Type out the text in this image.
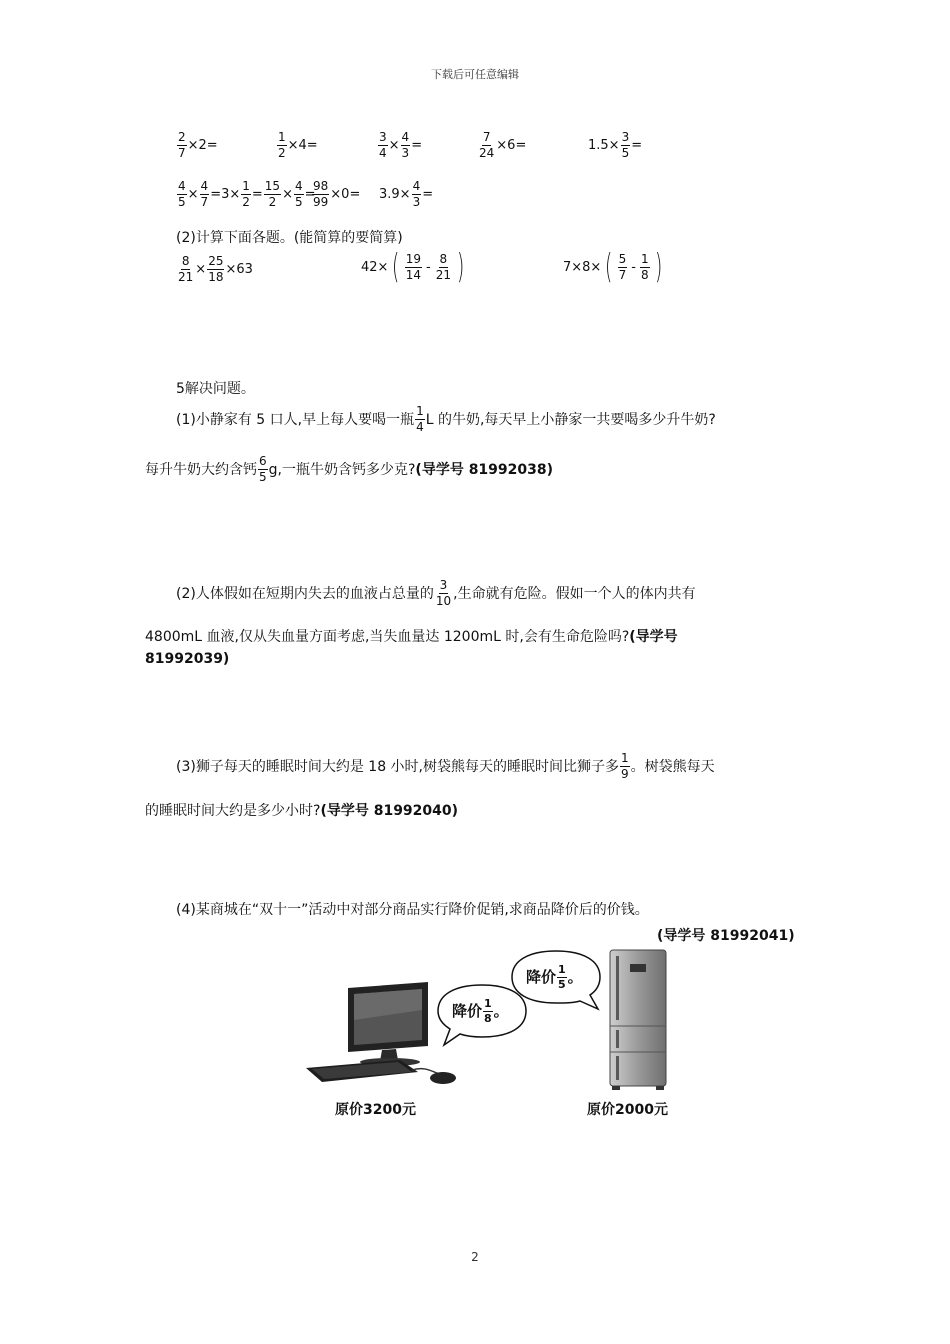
下载后可任意编辑
2
$\frac{2}{7} \times 2=$	$\frac{1}{2} \times 4=$	$\frac{3}{4} \times \frac{4}{3}$ =	$\frac{7}{24} \times 6=$	$1.5\times \frac{3}{5}$ =
$\frac{4}{5} \times \frac{4}{7} =3\times \frac{1}{2} = \frac{15}{2} \times \frac{4}{5}$ =
$\frac{98}{99} \times 0= 3.9\times \frac{4}{3}$ =
(2)计算下面各题。(能简算的要简算)
$\frac{8}{21} \times \frac{25}{18} \times 63$	42× ( $\frac{19}{14} - \frac{8}{21}$ )	7×8× ( $\frac{5}{7} - \frac{1}{8}$ )
5解决问题。
(1)小静家有 5 口人,早上每人要喝一瓶 $\frac{1}{4}$ L 的牛奶,每天早上小静家一共要喝多少升牛奶?
每升牛奶大约含钙 $\frac{6}{5} g$,一瓶牛奶含钙多少克? (导学号 81992038)
(2)人体假如在短期内失去的血液占总量的 $\frac{3}{10}$ ,生命就有危险。假如一个人的体内共有
4800mL 血液,仅从失血量方面考虑,当失血量达 1200mL 时,会有生命危险吗?(导学号
81992039)
(3)狮子每天的睡眠时间大约是 18 小时,树袋熊每天的睡眠时间比狮子多 $\frac{1}{9}$ 。树袋熊每天
的睡眠时间大约是多少小时?(导学号 81992040)
(4)某商城在“双十一”活动中对部分商品实行降价促销,求商品降价后的价钱。
(导学号 81992041)
降价 $\frac{1}{8}$ 。
降价 $\frac{1}{5}$ 。
原价3200元	原价2000元
